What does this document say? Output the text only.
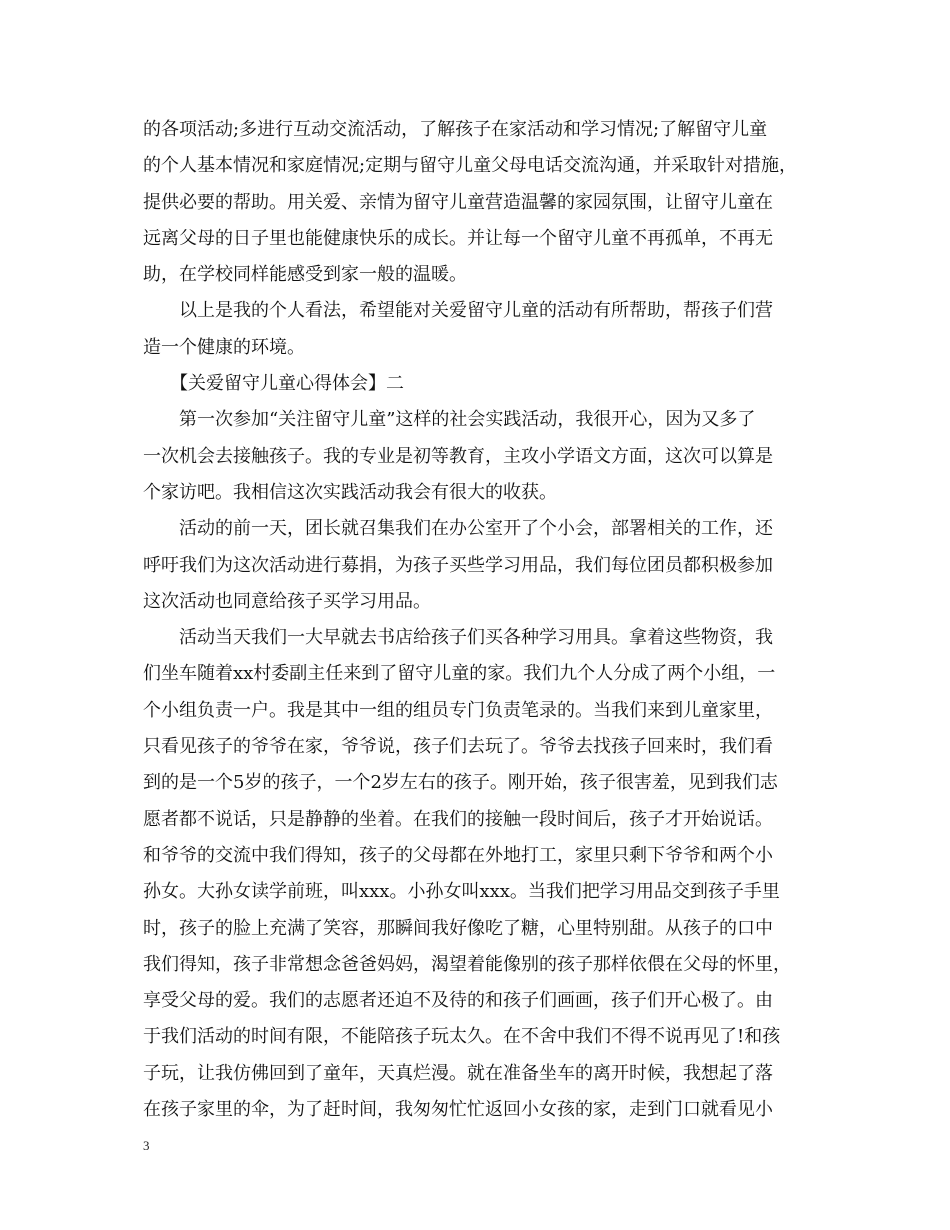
的各项活动;多进行互动交流活动，了解孩子在家活动和学习情况;了解留守儿童
的个人基本情况和家庭情况;定期与留守儿童父母电话交流沟通，并采取针对措施，
提供必要的帮助。用关爱、亲情为留守儿童营造温馨的家园氛围，让留守儿童在
远离父母的日子里也能健康快乐的成长。并让每一个留守儿童不再孤单，不再无
助，在学校同样能感受到家一般的温暖。
　　以上是我的个人看法，希望能对关爱留守儿童的活动有所帮助，帮孩子们营
造一个健康的环境。
　　【关爱留守儿童心得体会】二
　　第一次参加“关注留守儿童”这样的社会实践活动，我很开心，因为又多了
一次机会去接触孩子。我的专业是初等教育，主攻小学语文方面，这次可以算是
个家访吧。我相信这次实践活动我会有很大的收获。
　　活动的前一天，团长就召集我们在办公室开了个小会，部署相关的工作，还
呼吁我们为这次活动进行募捐，为孩子买些学习用品，我们每位团员都积极参加
这次活动也同意给孩子买学习用品。
　　活动当天我们一大早就去书店给孩子们买各种学习用具。拿着这些物资，我
们坐车随着xx村委副主任来到了留守儿童的家。我们九个人分成了两个小组，一
个小组负责一户。我是其中一组的组员专门负责笔录的。当我们来到儿童家里，
只看见孩子的爷爷在家，爷爷说，孩子们去玩了。爷爷去找孩子回来时，我们看
到的是一个5岁的孩子，一个2岁左右的孩子。刚开始，孩子很害羞，见到我们志
愿者都不说话，只是静静的坐着。在我们的接触一段时间后，孩子才开始说话。
和爷爷的交流中我们得知，孩子的父母都在外地打工，家里只剩下爷爷和两个小
孙女。大孙女读学前班，叫xxx。小孙女叫xxx。当我们把学习用品交到孩子手里
时，孩子的脸上充满了笑容，那瞬间我好像吃了糖，心里特别甜。从孩子的口中
我们得知，孩子非常想念爸爸妈妈，渴望着能像别的孩子那样依偎在父母的怀里，
享受父母的爱。我们的志愿者还迫不及待的和孩子们画画，孩子们开心极了。由
于我们活动的时间有限，不能陪孩子玩太久。在不舍中我们不得不说再见了!和孩
子玩，让我仿佛回到了童年，天真烂漫。就在准备坐车的离开时候，我想起了落
在孩子家里的伞，为了赶时间，我匆匆忙忙返回小女孩的家，走到门口就看见小
3
